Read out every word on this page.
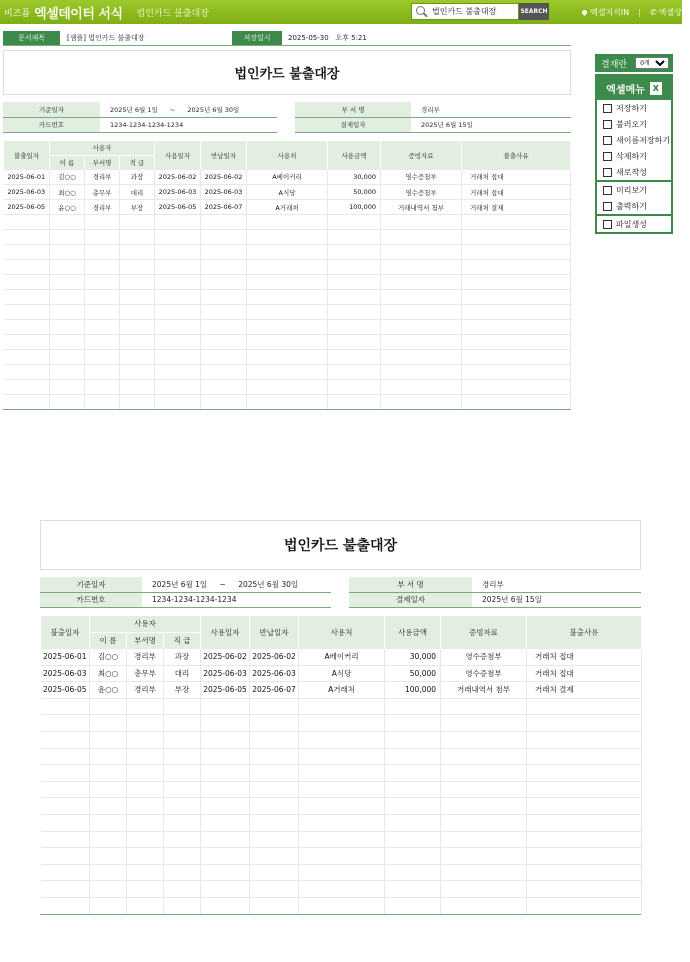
비즈폼 엑셀데이터 서식 법인카드 불출대장
법인카드 불출대장	SEARCH	엑셀지식IN | ✆ 엑셀상담
문서제목	[샘플] 법인카드 불출대장	저장일시	2025-05-30   오후 5:21
결재란
0개
엑셀메뉴 X
저장하기
불러오기
새이름저장하기
삭제하기
새로작성
미리보기
출력하기
파일생성
법인카드 불출대장
기준일자	2025년 6월 1일 ~ 2025년 6월 30일
카드번호	1234-1234-1234-1234
부 서 명	경리부
결제일자	2025년 6월 15일
불출일자	사용자			사용일자	반납일자	사용처	사용금액	증빙자료	불출사유
	이 름	부서명	직 급						
2025-06-01	김○○	경리부	과장	2025-06-02	2025-06-02	A베이커리	30,000	영수증첨부	거래처 접대
2025-06-03	최○○	총무부	대리	2025-06-03	2025-06-03	A식당	50,000	영수증첨부	거래처 접대
2025-06-05	윤○○	경리부	부장	2025-06-05	2025-06-07	A거래처	100,000	거래내역서 첨부	거래처 결제

법인카드 불출대장
기준일자	2025년 6월 1일 ~ 2025년 6월 30일
카드번호	1234-1234-1234-1234
부 서 명	경리부
결제일자	2025년 6월 15일
불출일자	사용자			사용일자	반납일자	사용처	사용금액	증빙자료	불출사유
	이 름	부서명	직 급						
2025-06-01	김○○	경리부	과장	2025-06-02	2025-06-02	A베이커리	30,000	영수증첨부	거래처 접대
2025-06-03	최○○	총무부	대리	2025-06-03	2025-06-03	A식당	50,000	영수증첨부	거래처 접대
2025-06-05	윤○○	경리부	부장	2025-06-05	2025-06-07	A거래처	100,000	거래내역서 첨부	거래처 결제
